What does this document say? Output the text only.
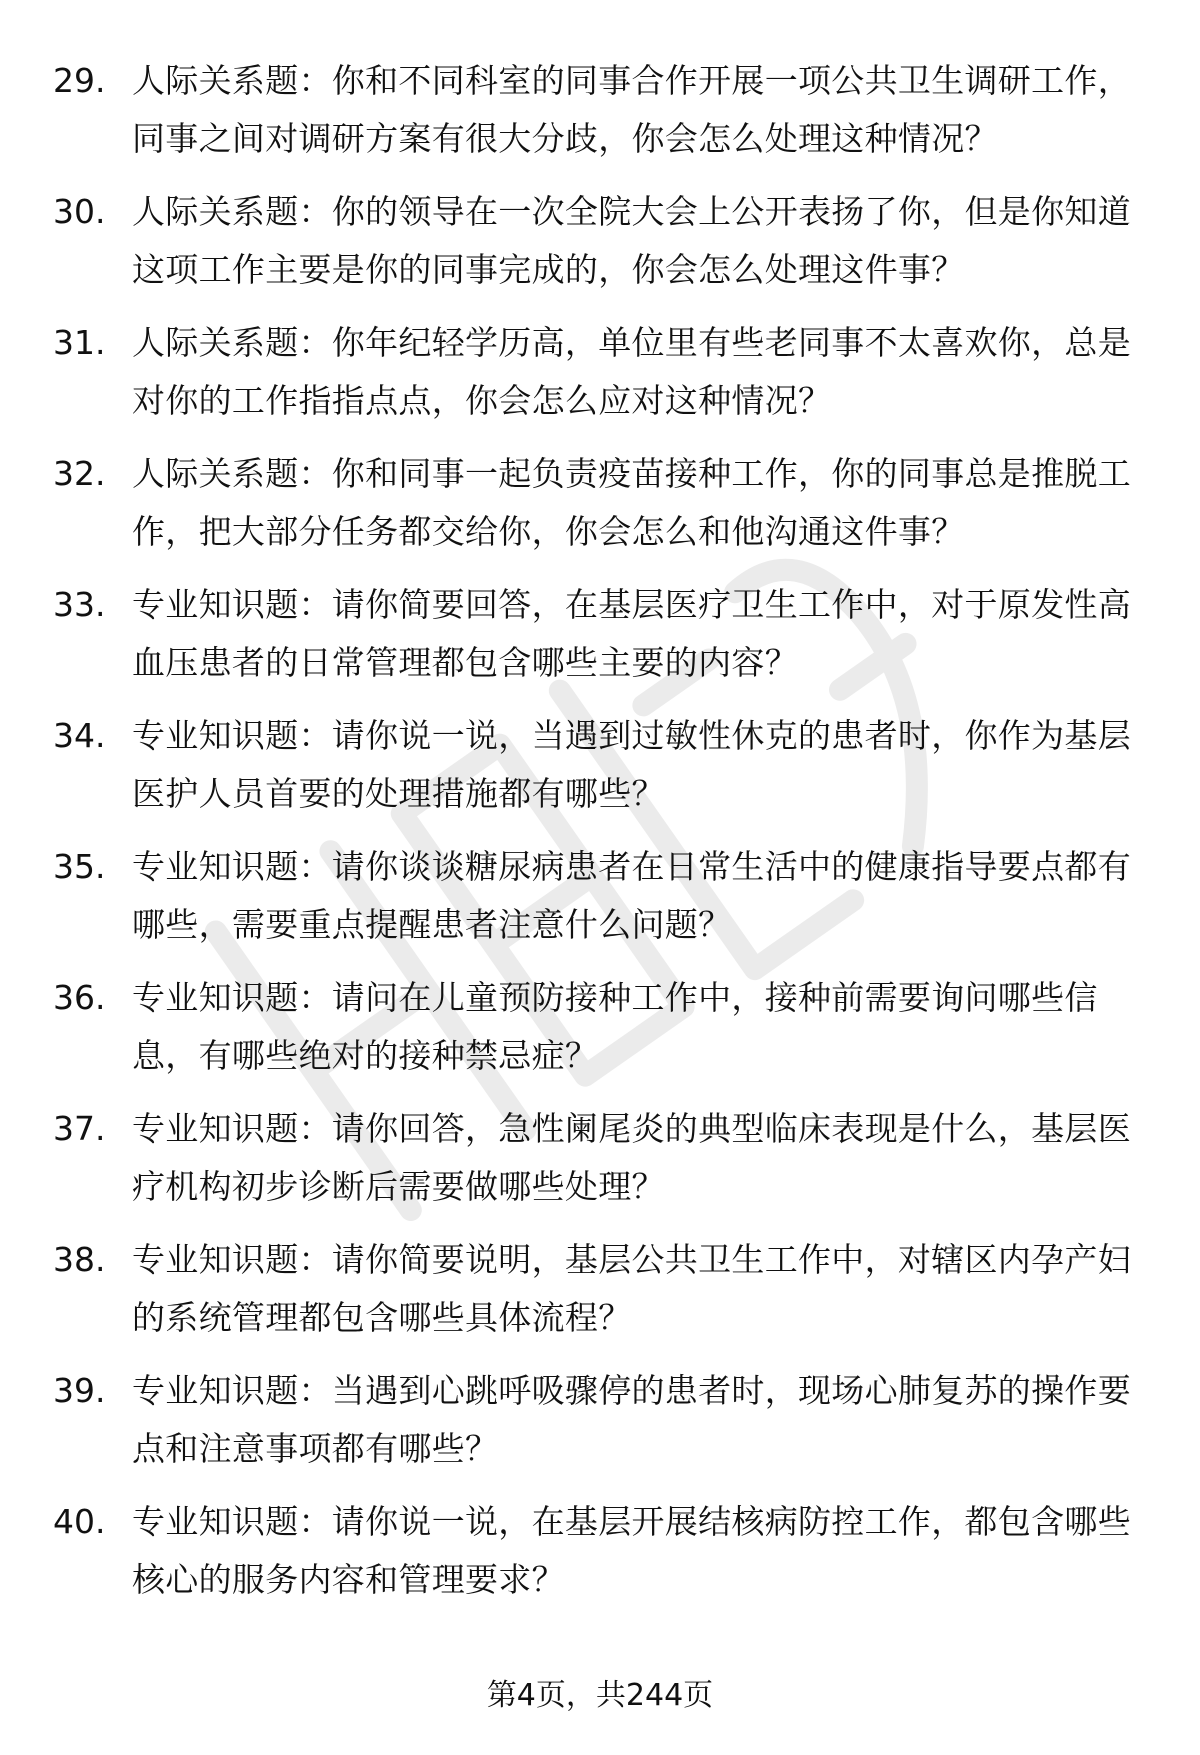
29. 人际关系题：你和不同科室的同事合作开展一项公共卫生调研工作，同事之间对调研方案有很大分歧，你会怎么处理这种情况？
30. 人际关系题：你的领导在一次全院大会上公开表扬了你，但是你知道这项工作主要是你的同事完成的，你会怎么处理这件事？
31. 人际关系题：你年纪轻学历高，单位里有些老同事不太喜欢你，总是对你的工作指指点点，你会怎么应对这种情况？
32. 人际关系题：你和同事一起负责疫苗接种工作，你的同事总是推脱工作，把大部分任务都交给你，你会怎么和他沟通这件事？
33. 专业知识题：请你简要回答，在基层医疗卫生工作中，对于原发性高血压患者的日常管理都包含哪些主要的内容？
34. 专业知识题：请你说一说，当遇到过敏性休克的患者时，你作为基层医护人员首要的处理措施都有哪些？
35. 专业知识题：请你谈谈糖尿病患者在日常生活中的健康指导要点都有哪些，需要重点提醒患者注意什么问题？
36. 专业知识题：请问在儿童预防接种工作中，接种前需要询问哪些信息，有哪些绝对的接种禁忌症？
37. 专业知识题：请你回答，急性阑尾炎的典型临床表现是什么，基层医疗机构初步诊断后需要做哪些处理？
38. 专业知识题：请你简要说明，基层公共卫生工作中，对辖区内孕产妇的系统管理都包含哪些具体流程？
39. 专业知识题：当遇到心跳呼吸骤停的患者时，现场心肺复苏的操作要点和注意事项都有哪些？
40. 专业知识题：请你说一说，在基层开展结核病防控工作，都包含哪些核心的服务内容和管理要求？
第4页，共244页
